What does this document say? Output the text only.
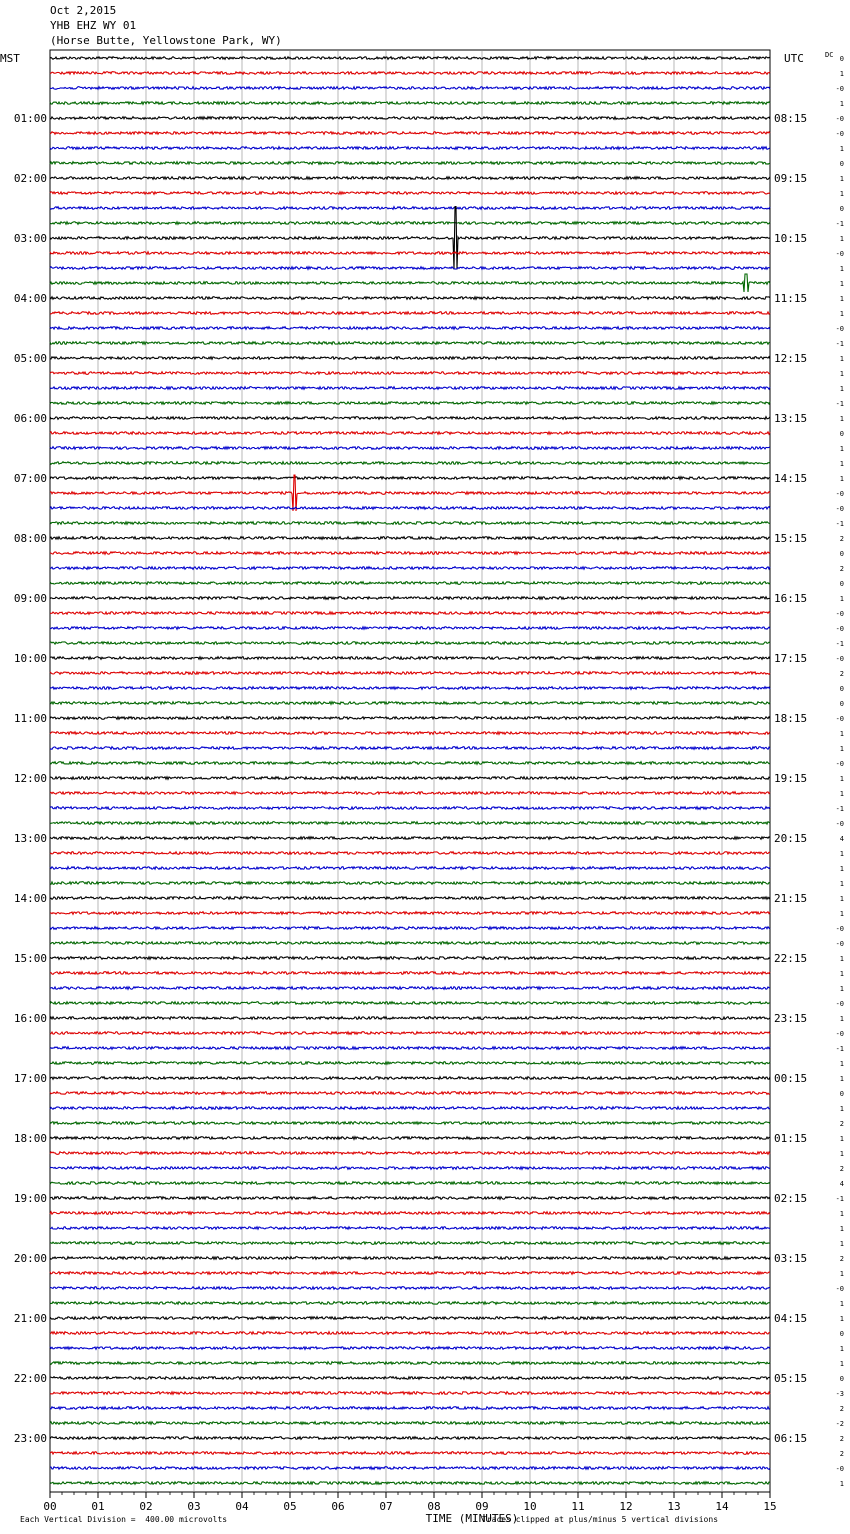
Oct 2,2015
YHB EHZ WY 01
(Horse Butte, Yellowstone Park, WY)
MST	UTC	DC
01:00
02:00
03:00
04:00
05:00
06:00
07:00
08:00
09:00
10:00
11:00
12:00
13:00
14:00
15:00
16:00
17:00
18:00
19:00
20:00
21:00
22:00
23:00
08:15
09:15
10:15
11:15
12:15
13:15
14:15
15:15
16:15
17:15
18:15
19:15
20:15
21:15
22:15
23:15
00:15
01:15
02:15
03:15
04:15
05:15
06:15
0
1
-0
1
-0
-0
1
0
1
1
0
-1
1
-0
1
1
1
1
-0
-1
1
1
1
-1
1
0
1
1
1
-0
-0
-1
2
0
2
0
1
-0
-0
-1
-0
2
0
0
-0
1
1
-0
1
1
-1
-0
4
1
1
1
1
1
-0
-0
1
1
1
-0
1
-0
-1
1
1
0
1
2
1
1
2
4
-1
1
1
1
2
1
-0
1
1
0
1
1
0
-3
2
-2
2
2
-0
1
00	01	02	03	04	05	06	07	08	09	10	11	12	13	14	15
TIME (MINUTES)
Each Vertical Division =  400.00 microvolts	Traces clipped at plus/minus 5 vertical divisions
